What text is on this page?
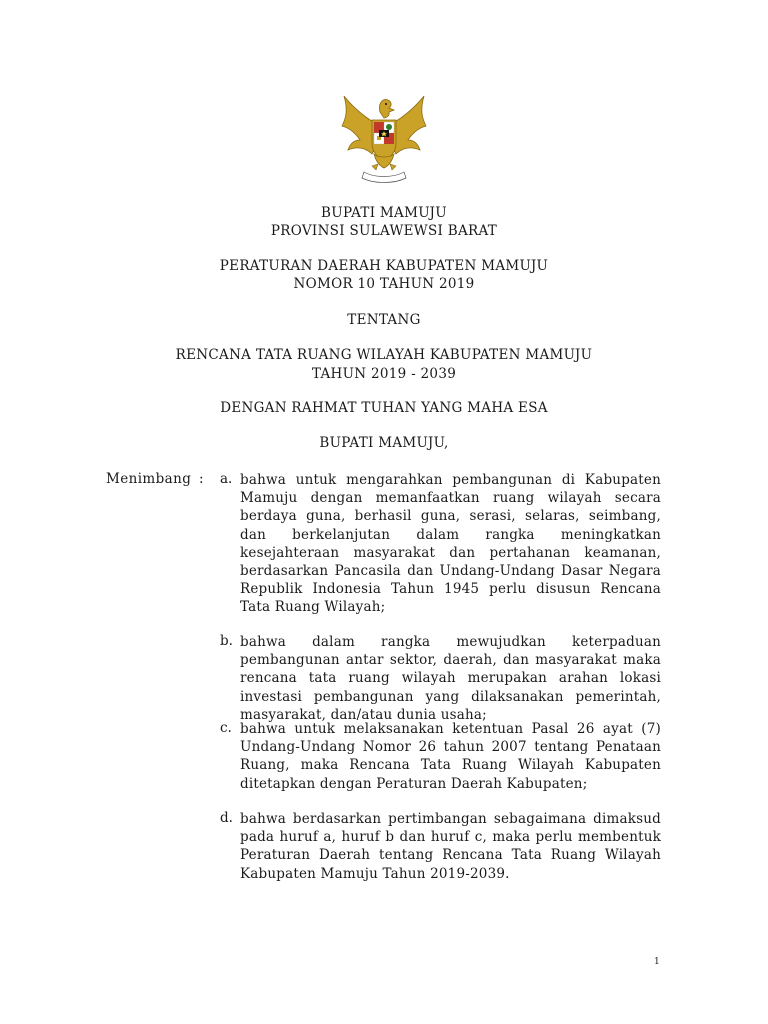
BUPATI MAMUJU
PROVINSI SULAWEWSI BARAT
PERATURAN DAERAH KABUPATEN MAMUJU
NOMOR 10 TAHUN 2019
TENTANG
RENCANA TATA RUANG WILAYAH KABUPATEN MAMUJU
TAHUN 2019 - 2039
DENGAN RAHMAT TUHAN YANG MAHA ESA
BUPATI MAMUJU,
Menimbang : a. bahwa untuk mengarahkan pembangunan di Kabupaten Mamuju dengan memanfaatkan ruang wilayah secara berdaya guna, berhasil guna, serasi, selaras, seimbang, dan berkelanjutan dalam rangka meningkatkan kesejahteraan masyarakat dan pertahanan keamanan, berdasarkan Pancasila dan Undang-Undang Dasar Negara Republik Indonesia Tahun 1945 perlu disusun Rencana Tata Ruang Wilayah;
b. bahwa dalam rangka mewujudkan keterpaduan pembangunan antar sektor, daerah, dan masyarakat maka rencana tata ruang wilayah merupakan arahan lokasi investasi pembangunan yang dilaksanakan pemerintah, masyarakat, dan/atau dunia usaha;
c. bahwa untuk melaksanakan ketentuan Pasal 26 ayat (7) Undang-Undang Nomor 26 tahun 2007 tentang Penataan Ruang, maka Rencana Tata Ruang Wilayah Kabupaten ditetapkan dengan Peraturan Daerah Kabupaten;
d. bahwa berdasarkan pertimbangan sebagaimana dimaksud pada huruf a, huruf b dan huruf c, maka perlu membentuk Peraturan Daerah tentang Rencana Tata Ruang Wilayah Kabupaten Mamuju Tahun 2019-2039.
1
